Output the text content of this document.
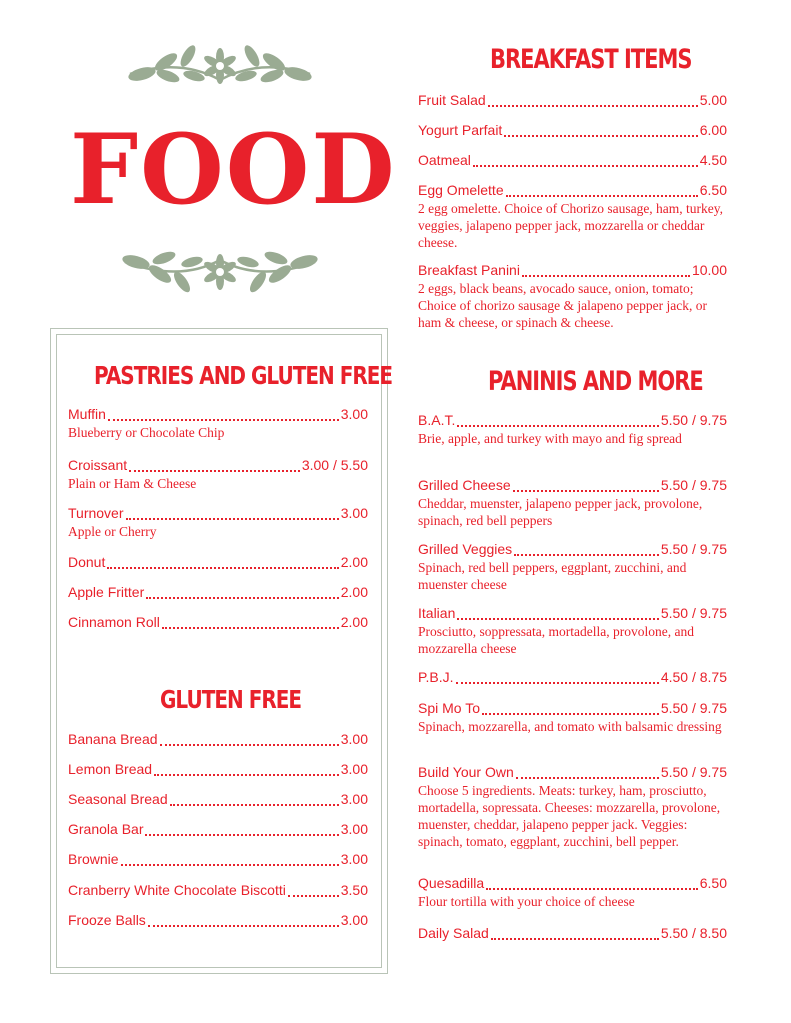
FOOD
BREAKFAST ITEMS
Fruit Salad	5.00
Yogurt Parfait	6.00
Oatmeal	4.50
Egg Omelette	6.50
2 egg omelette. Choice of Chorizo sausage, ham, turkey, veggies, jalapeno pepper jack, mozzarella or cheddar cheese.
Breakfast Panini	10.00
2 eggs, black beans, avocado sauce, onion, tomato; Choice of chorizo sausage & jalapeno pepper jack, or ham & cheese, or spinach & cheese.
PANINIS AND MORE
B.A.T.	5.50 / 9.75
Brie, apple, and turkey with mayo and fig spread
Grilled Cheese	5.50 / 9.75
Cheddar, muenster, jalapeno pepper jack, provolone, spinach, red bell peppers
Grilled Veggies	5.50 / 9.75
Spinach, red bell peppers, eggplant, zucchini, and muenster cheese
Italian	5.50 / 9.75
Prosciutto, soppressata, mortadella, provolone, and mozzarella cheese
P.B.J.	4.50 / 8.75
Spi Mo To	5.50 / 9.75
Spinach, mozzarella, and tomato with balsamic dressing
Build Your Own	5.50 / 9.75
Choose 5 ingredients. Meats: turkey, ham, prosciutto, mortadella, sopressata. Cheeses: mozzarella, provolone, muenster, cheddar, jalapeno pepper jack. Veggies: spinach, tomato, eggplant, zucchini, bell pepper.
Quesadilla	6.50
Flour tortilla with your choice of cheese
Daily Salad	5.50 / 8.50
PASTRIES AND GLUTEN FREE
Muffin	3.00
Blueberry or Chocolate Chip
Croissant	3.00 / 5.50
Plain or Ham & Cheese
Turnover	3.00
Apple or Cherry
Donut	2.00
Apple Fritter	2.00
Cinnamon Roll	2.00
GLUTEN FREE
Banana Bread	3.00
Lemon Bread	3.00
Seasonal Bread	3.00
Granola Bar	3.00
Brownie	3.00
Cranberry White Chocolate Biscotti	3.50
Frooze Balls	3.00
